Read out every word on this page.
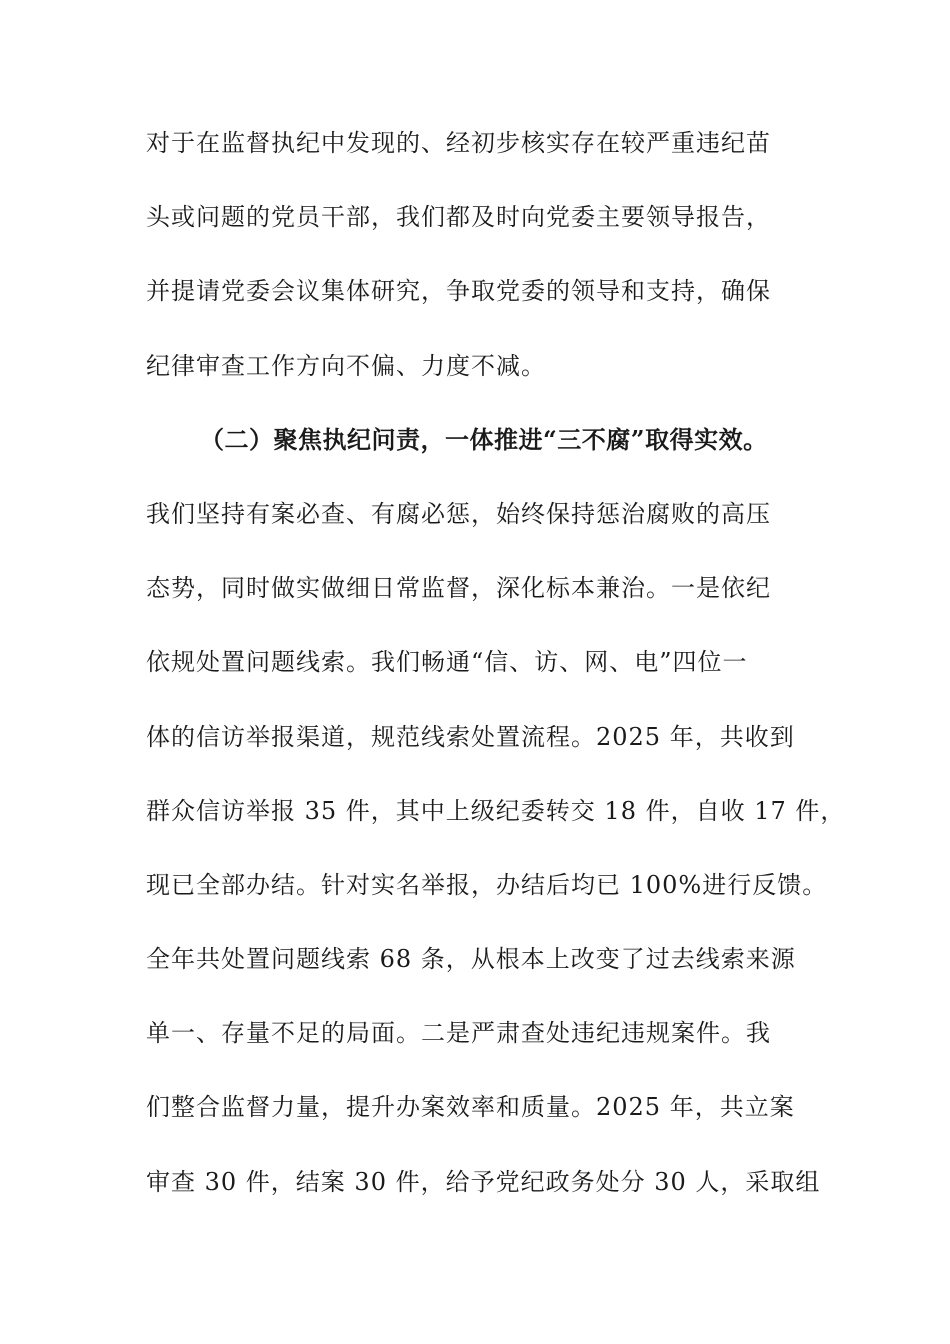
对于在监督执纪中发现的、经初步核实存在较严重违纪苗
头或问题的党员干部，我们都及时向党委主要领导报告，
并提请党委会议集体研究，争取党委的领导和支持，确保
纪律审查工作方向不偏、力度不减。
（二）聚焦执纪问责，一体推进“三不腐”取得实效。
我们坚持有案必查、有腐必惩，始终保持惩治腐败的高压
态势，同时做实做细日常监督，深化标本兼治。一是依纪
依规处置问题线索。我们畅通“信、访、网、电”四位一
体的信访举报渠道，规范线索处置流程。2025 年，共收到
群众信访举报 35 件，其中上级纪委转交 18 件，自收 17 件，
现已全部办结。针对实名举报，办结后均已 100%进行反馈。
全年共处置问题线索 68 条，从根本上改变了过去线索来源
单一、存量不足的局面。二是严肃查处违纪违规案件。我
们整合监督力量，提升办案效率和质量。2025 年，共立案
审查 30 件，结案 30 件，给予党纪政务处分 30 人，采取组
